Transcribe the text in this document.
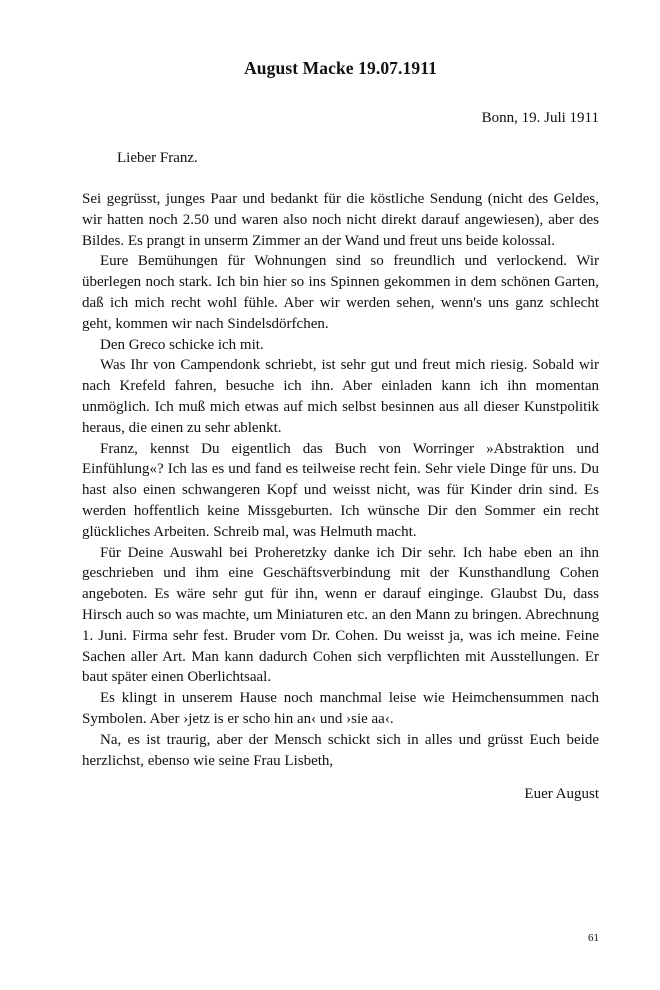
August Macke 19.07.1911

Bonn, 19. Juli 1911

Lieber Franz.

Sei gegrüsst, junges Paar und bedankt für die köstliche Sendung (nicht des Geldes, wir hatten noch 2.50 und waren also noch nicht direkt darauf angewiesen), aber des Bildes. Es prangt in unserm Zimmer an der Wand und freut uns beide kolossal.

Eure Bemühungen für Wohnungen sind so freundlich und verlockend. Wir überlegen noch stark. Ich bin hier so ins Spinnen gekommen in dem schönen Garten, daß ich mich recht wohl fühle. Aber wir werden sehen, wenn's uns ganz schlecht geht, kommen wir nach Sindelsdörfchen.

Den Greco schicke ich mit.

Was Ihr von Campendonk schriebt, ist sehr gut und freut mich riesig. Sobald wir nach Krefeld fahren, besuche ich ihn. Aber einladen kann ich ihn momentan unmöglich. Ich muß mich etwas auf mich selbst besinnen aus all dieser Kunstpolitik heraus, die einen zu sehr ablenkt.

Franz, kennst Du eigentlich das Buch von Worringer »Abstraktion und Einfühlung«? Ich las es und fand es teilweise recht fein. Sehr viele Dinge für uns. Du hast also einen schwangeren Kopf und weisst nicht, was für Kinder drin sind. Es werden hoffentlich keine Missgeburten. Ich wünsche Dir den Sommer ein recht glückliches Arbeiten. Schreib mal, was Helmuth macht.

Für Deine Auswahl bei Proheretzky danke ich Dir sehr. Ich habe eben an ihn geschrieben und ihm eine Geschäftsverbindung mit der Kunsthandlung Cohen angeboten. Es wäre sehr gut für ihn, wenn er darauf einginge. Glaubst Du, dass Hirsch auch so was machte, um Miniaturen etc. an den Mann zu bringen. Abrechnung 1. Juni. Firma sehr fest. Bruder vom Dr. Cohen. Du weisst ja, was ich meine. Feine Sachen aller Art. Man kann dadurch Cohen sich verpflichten mit Ausstellungen. Er baut später einen Oberlichtsaal.

Es klingt in unserem Hause noch manchmal leise wie Heimchensummen nach Symbolen. Aber ›jetz is er scho hin an‹ und ›sie aa‹.

Na, es ist traurig, aber der Mensch schickt sich in alles und grüsst Euch beide herzlichst, ebenso wie seine Frau Lisbeth,

Euer August

61
